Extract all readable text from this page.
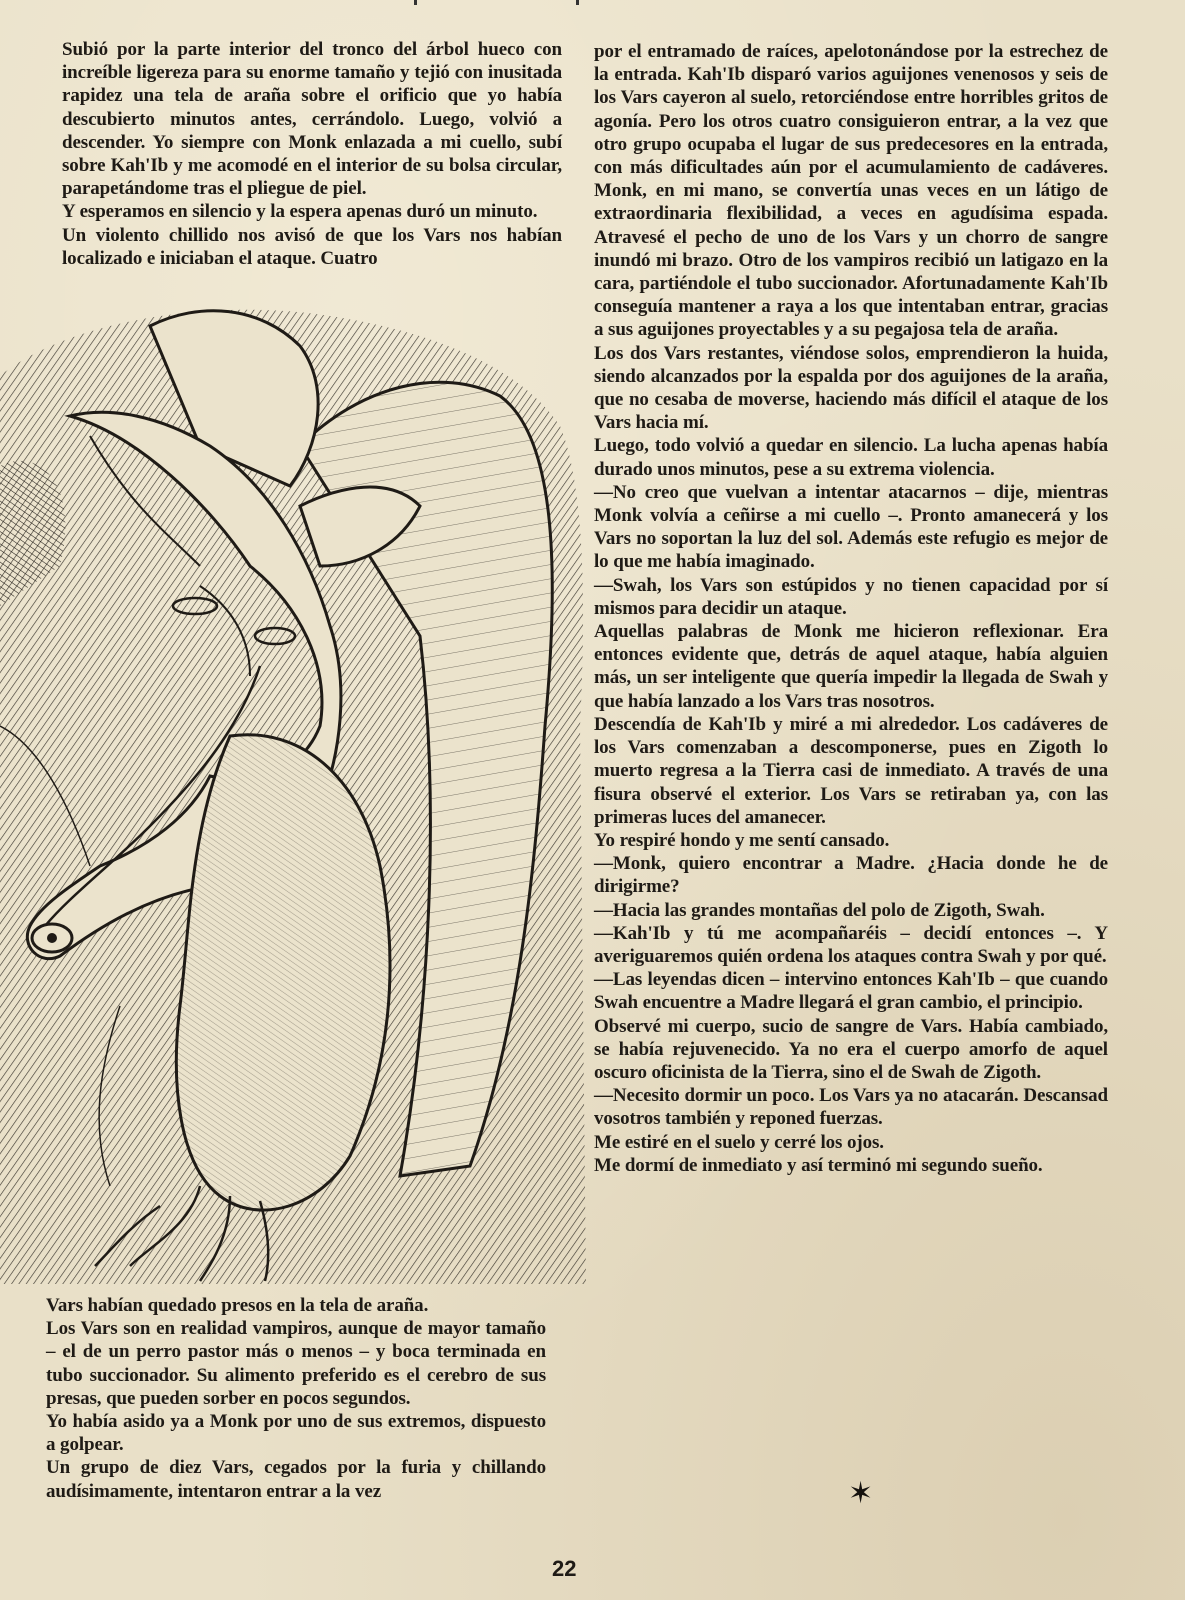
Subió por la parte interior del tronco del árbol hueco con increíble ligereza para su enorme tamaño y tejió con inusitada rapidez una tela de araña sobre el orificio que yo había descubierto minutos antes, cerrándolo. Luego, volvió a descender. Yo siempre con Monk enlazada a mi cuello, subí sobre Kah'Ib y me acomodé en el interior de su bolsa circular, parapetándome tras el pliegue de piel.

Y esperamos en silencio y la espera apenas duró un minuto.

Un violento chillido nos avisó de que los Vars nos habían localizado e iniciaban el ataque. Cuatro

Vars habían quedado presos en la tela de araña.

Los Vars son en realidad vampiros, aunque de mayor tamaño – el de un perro pastor más o menos – y boca terminada en tubo succionador. Su alimento preferido es el cerebro de sus presas, que pueden sorber en pocos segundos.

Yo había asido ya a Monk por uno de sus extremos, dispuesto a golpear.

Un grupo de diez Vars, cegados por la furia y chillando audísimamente, intentaron entrar a la vez

por el entramado de raíces, apelotonándose por la estrechez de la entrada. Kah'Ib disparó varios aguijones venenosos y seis de los Vars cayeron al suelo, retorciéndose entre horribles gritos de agonía. Pero los otros cuatro consiguieron entrar, a la vez que otro grupo ocupaba el lugar de sus predecesores en la entrada, con más dificultades aún por el acumulamiento de cadáveres. Monk, en mi mano, se convertía unas veces en un látigo de extraordinaria flexibilidad, a veces en agudísima espada. Atravesé el pecho de uno de los Vars y un chorro de sangre inundó mi brazo. Otro de los vampiros recibió un latigazo en la cara, partiéndole el tubo succionador. Afortunadamente Kah'Ib conseguía mantener a raya a los que intentaban entrar, gracias a sus aguijones proyectables y a su pegajosa tela de araña.

Los dos Vars restantes, viéndose solos, emprendieron la huida, siendo alcanzados por la espalda por dos aguijones de la araña, que no cesaba de moverse, haciendo más difícil el ataque de los Vars hacia mí.

Luego, todo volvió a quedar en silencio. La lucha apenas había durado unos minutos, pese a su extrema violencia.

—No creo que vuelvan a intentar atacarnos – dije, mientras Monk volvía a ceñirse a mi cuello –. Pronto amanecerá y los Vars no soportan la luz del sol. Además este refugio es mejor de lo que me había imaginado.

—Swah, los Vars son estúpidos y no tienen capacidad por sí mismos para decidir un ataque.

Aquellas palabras de Monk me hicieron reflexionar. Era entonces evidente que, detrás de aquel ataque, había alguien más, un ser inteligente que quería impedir la llegada de Swah y que había lanzado a los Vars tras nosotros.

Descendía de Kah'Ib y miré a mi alrededor. Los cadáveres de los Vars comenzaban a descomponerse, pues en Zigoth lo muerto regresa a la Tierra casi de inmediato. A través de una fisura observé el exterior. Los Vars se retiraban ya, con las primeras luces del amanecer.

Yo respiré hondo y me sentí cansado.

—Monk, quiero encontrar a Madre. ¿Hacia donde he de dirigirme?

—Hacia las grandes montañas del polo de Zigoth, Swah.

—Kah'Ib y tú me acompañaréis – decidí entonces –. Y averiguaremos quién ordena los ataques contra Swah y por qué.

—Las leyendas dicen – intervino entonces Kah'Ib – que cuando Swah encuentre a Madre llegará el gran cambio, el principio.

Observé mi cuerpo, sucio de sangre de Vars. Había cambiado, se había rejuvenecido. Ya no era el cuerpo amorfo de aquel oscuro oficinista de la Tierra, sino el de Swah de Zigoth.

—Necesito dormir un poco. Los Vars ya no atacarán. Descansad vosotros también y reponed fuerzas.

Me estiré en el suelo y cerré los ojos.

Me dormí de inmediato y así terminó mi segundo sueño.

✶
22
